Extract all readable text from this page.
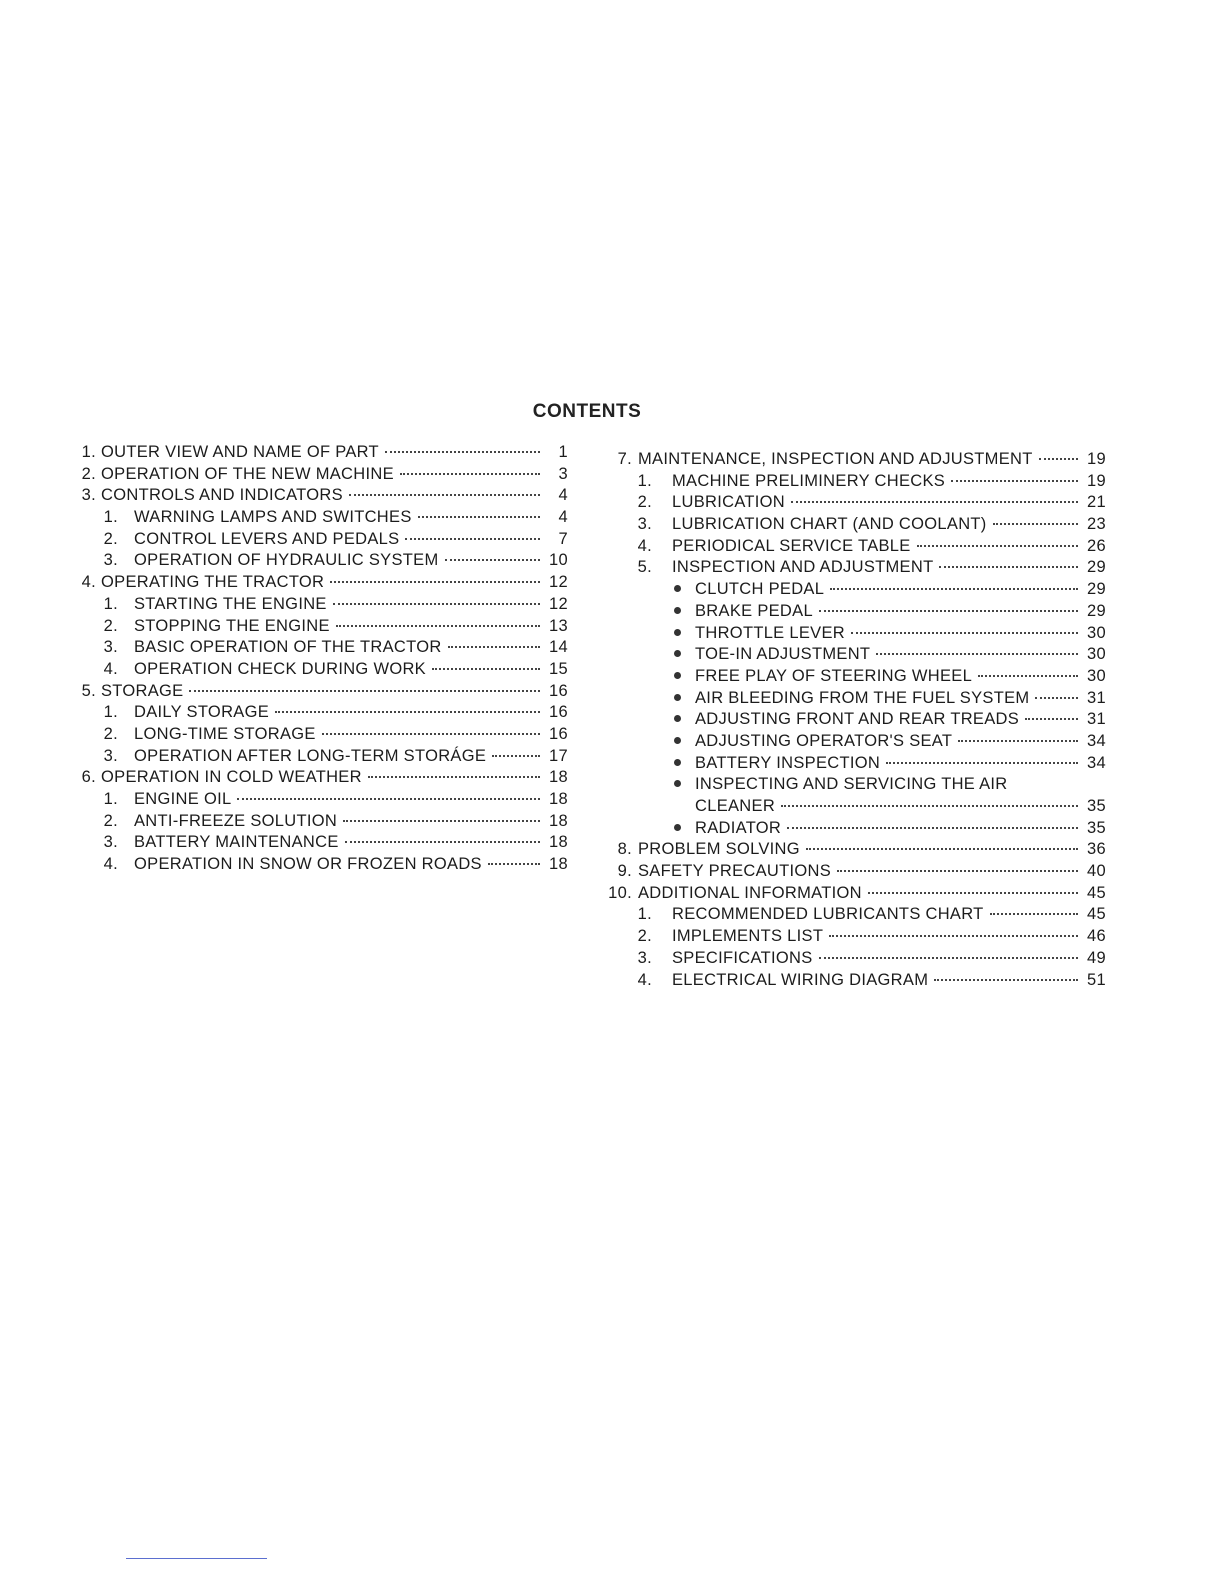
CONTENTS
1. OUTER VIEW AND NAME OF PART	1
2. OPERATION OF THE NEW MACHINE	3
3. CONTROLS AND INDICATORS	4
1. WARNING LAMPS AND SWITCHES	4
2. CONTROL LEVERS AND PEDALS	7
3. OPERATION OF HYDRAULIC SYSTEM	10
4. OPERATING THE TRACTOR	12
1. STARTING THE ENGINE	12
2. STOPPING THE ENGINE	13
3. BASIC OPERATION OF THE TRACTOR	14
4. OPERATION CHECK DURING WORK	15
5. STORAGE	16
1. DAILY STORAGE	16
2. LONG-TIME STORAGE	16
3. OPERATION AFTER LONG-TERM STORÁGE	17
6. OPERATION IN COLD WEATHER	18
1. ENGINE OIL	18
2. ANTI-FREEZE SOLUTION	18
3. BATTERY MAINTENANCE	18
4. OPERATION IN SNOW OR FROZEN ROADS	18
7. MAINTENANCE, INSPECTION AND ADJUSTMENT	19
1. MACHINE PRELIMINERY CHECKS	19
2. LUBRICATION	21
3. LUBRICATION CHART (AND COOLANT)	23
4. PERIODICAL SERVICE TABLE	26
5. INSPECTION AND ADJUSTMENT	29
CLUTCH PEDAL	29
BRAKE PEDAL	29
THROTTLE LEVER	30
TOE-IN ADJUSTMENT	30
FREE PLAY OF STEERING WHEEL	30
AIR BLEEDING FROM THE FUEL SYSTEM	31
ADJUSTING FRONT AND REAR TREADS	31
ADJUSTING OPERATOR'S SEAT	34
BATTERY INSPECTION	34
INSPECTING AND SERVICING THE AIR
CLEANER	35
RADIATOR	35
8. PROBLEM SOLVING	36
9. SAFETY PRECAUTIONS	40
10. ADDITIONAL INFORMATION	45
1. RECOMMENDED LUBRICANTS CHART	45
2. IMPLEMENTS LIST	46
3. SPECIFICATIONS	49
4. ELECTRICAL WIRING DIAGRAM	51
